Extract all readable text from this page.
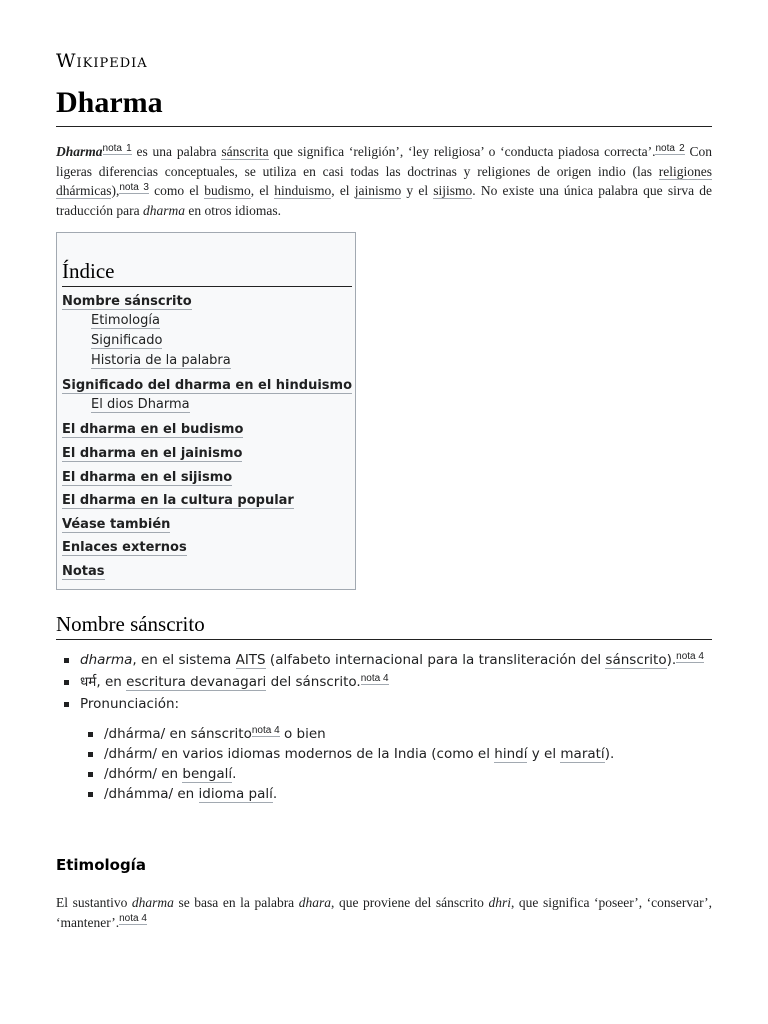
Wikipedia
Dharma
Dharma$^{nota 1}$ es una palabra sánscrita que significa ‘religión’, ‘ley religiosa’ o ‘conducta piadosa correcta’.$^{nota 2}$ Con ligeras diferencias conceptuales, se utiliza en casi todas las doctrinas y religiones de origen indio (las religiones dhármicas),$^{nota 3}$ como el budismo, el hinduismo, el jainismo y el sijismo. No existe una única palabra que sirva de traducción para dharma en otros idiomas.
Índice
Nombre sánscrito
Etimología
Significado
Historia de la palabra
Significado del dharma en el hinduismo
El dios Dharma
El dharma en el budismo
El dharma en el jainismo
El dharma en el sijismo
El dharma en la cultura popular
Véase también
Enlaces externos
Notas
Nombre sánscrito
dharma, en el sistema AITS (alfabeto internacional para la transliteración del sánscrito).$^{nota 4}$
धर्म, en escritura devanagari del sánscrito.$^{nota 4}$
Pronunciación:
/dhárma/ en sánscrito$^{nota 4}$ o bien
/dhárm/ en varios idiomas modernos de la India (como el hindí y el maratí).
/dhórm/ en bengalí.
/dhámma/ en idioma palí.
Etimología
El sustantivo dharma se basa en la palabra dhara, que proviene del sánscrito dhri, que significa ‘poseer’, ‘conservar’, ‘mantener’.$^{nota 4}$
